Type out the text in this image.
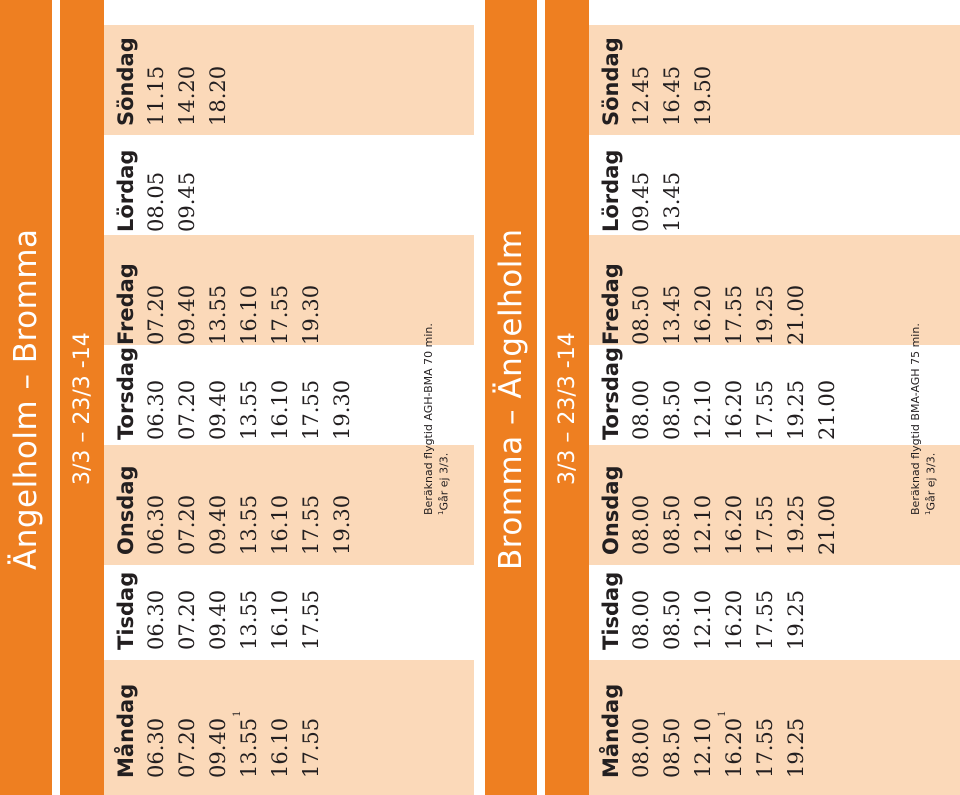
Ängelholm – Bromma 3/3 – 23/3 -14
Måndag 06.30 07.20 09.40 13.55$^1$
16.10 17.55
Tisdag 06.30 07.20 09.40 13.55 16.10 17.55
Onsdag 06.30 07.20 09.40 13.55 16.10 17.55 19.30
Torsdag 06.30 07.20 09.40 13.55 16.10 17.55 19.30
Fredag 07.20 09.40 13.55 16.10 17.55 19.30
Lördag 08.05 09.45
Söndag 11.15 14.20 18.20
Beräknad flygtid AGH-BMA 70 min. $^1$Går ej 3/3. Bromma – Ängelholm 3/3 – 23/3 -14
Måndag 08.00 08.50 12.10 16.20$^1$
17.55 19.25
Tisdag 08.00 08.50 12.10 16.20 17.55 19.25
Onsdag 08.00 08.50 12.10 16.20 17.55 19.25 21.00
Torsdag 08.00 08.50 12.10 16.20 17.55 19.25 21.00
Fredag 08.50 13.45 16.20 17.55 19.25 21.00
Lördag 09.45 13.45
Söndag 12.45 16.45 19.50
Beräknad flygtid BMA-AGH 75 min. $^1$Går ej 3/3.
